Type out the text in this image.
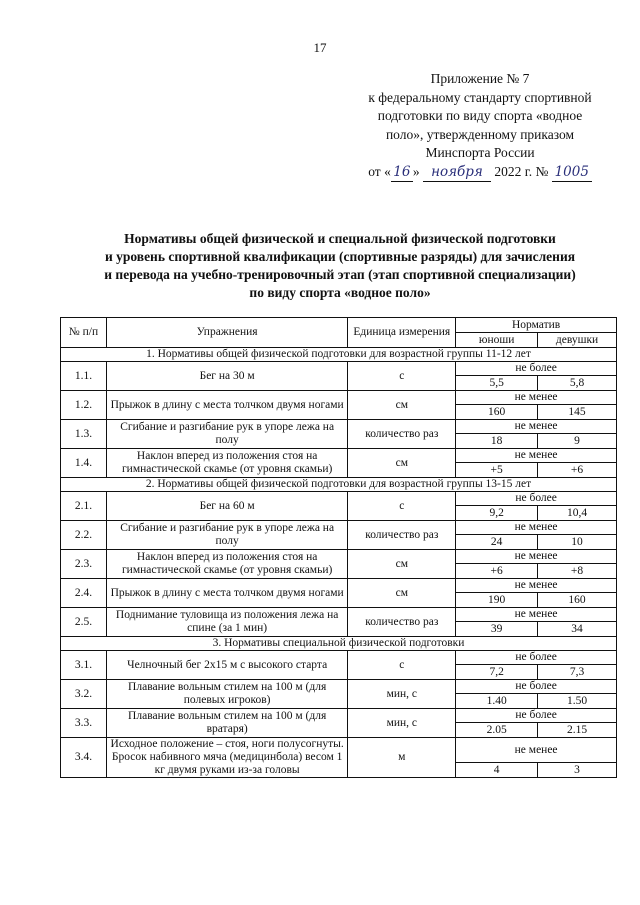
17
Приложение № 7
к федеральному стандарту спортивной
подготовки по виду спорта «водное
поло», утвержденному приказом
Минспорта России
от « 16 » ноября 2022 г. № 1005
Нормативы общей физической и специальной физической подготовки
и уровень спортивной квалификации (спортивные разряды) для зачисления
и перевода на учебно-тренировочный этап (этап спортивной специализации)
по виду спорта «водное поло»
№ п/п	Упражнения	Единица измерения	Норматив	
			юноши	девушки
1. Нормативы общей физической подготовки для возрастной группы 11-12 лет				
1.1.	Бег на 30 м	с	не более	
			5,5	5,8
1.2.	Прыжок в длину с места толчком двумя ногами	см	не менее	
			160	145
1.3.	Сгибание и разгибание рук в упоре лежа на полу	количество раз	не менее	
			18	9
1.4.	Наклон вперед из положения стоя на гимнастической скамье (от уровня скамьи)	см	не менее	
			+5	+6
2. Нормативы общей физической подготовки для возрастной группы 13-15 лет				
2.1.	Бег на 60 м	с	не более	
			9,2	10,4
2.2.	Сгибание и разгибание рук в упоре лежа на полу	количество раз	не менее	
			24	10
2.3.	Наклон вперед из положения стоя на гимнастической скамье (от уровня скамьи)	см	не менее	
			+6	+8
2.4.	Прыжок в длину с места толчком двумя ногами	см	не менее	
			190	160
2.5.	Поднимание туловища из положения лежа на спине (за 1 мин)	количество раз	не менее	
			39	34
3. Нормативы специальной физической подготовки				
3.1.	Челночный бег 2x15 м с высокого старта	с	не более	
			7,2	7,3
3.2.	Плавание вольным стилем на 100 м (для полевых игроков)	мин, с	не более	
			1.40	1.50
3.3.	Плавание вольным стилем на 100 м (для вратаря)	мин, с	не более	
			2.05	2.15
3.4.	Исходное положение – стоя, ноги полусогнуты. Бросок набивного мяча (медицинбола) весом 1 кг двумя руками из-за головы	м	не менее	
			4	3
